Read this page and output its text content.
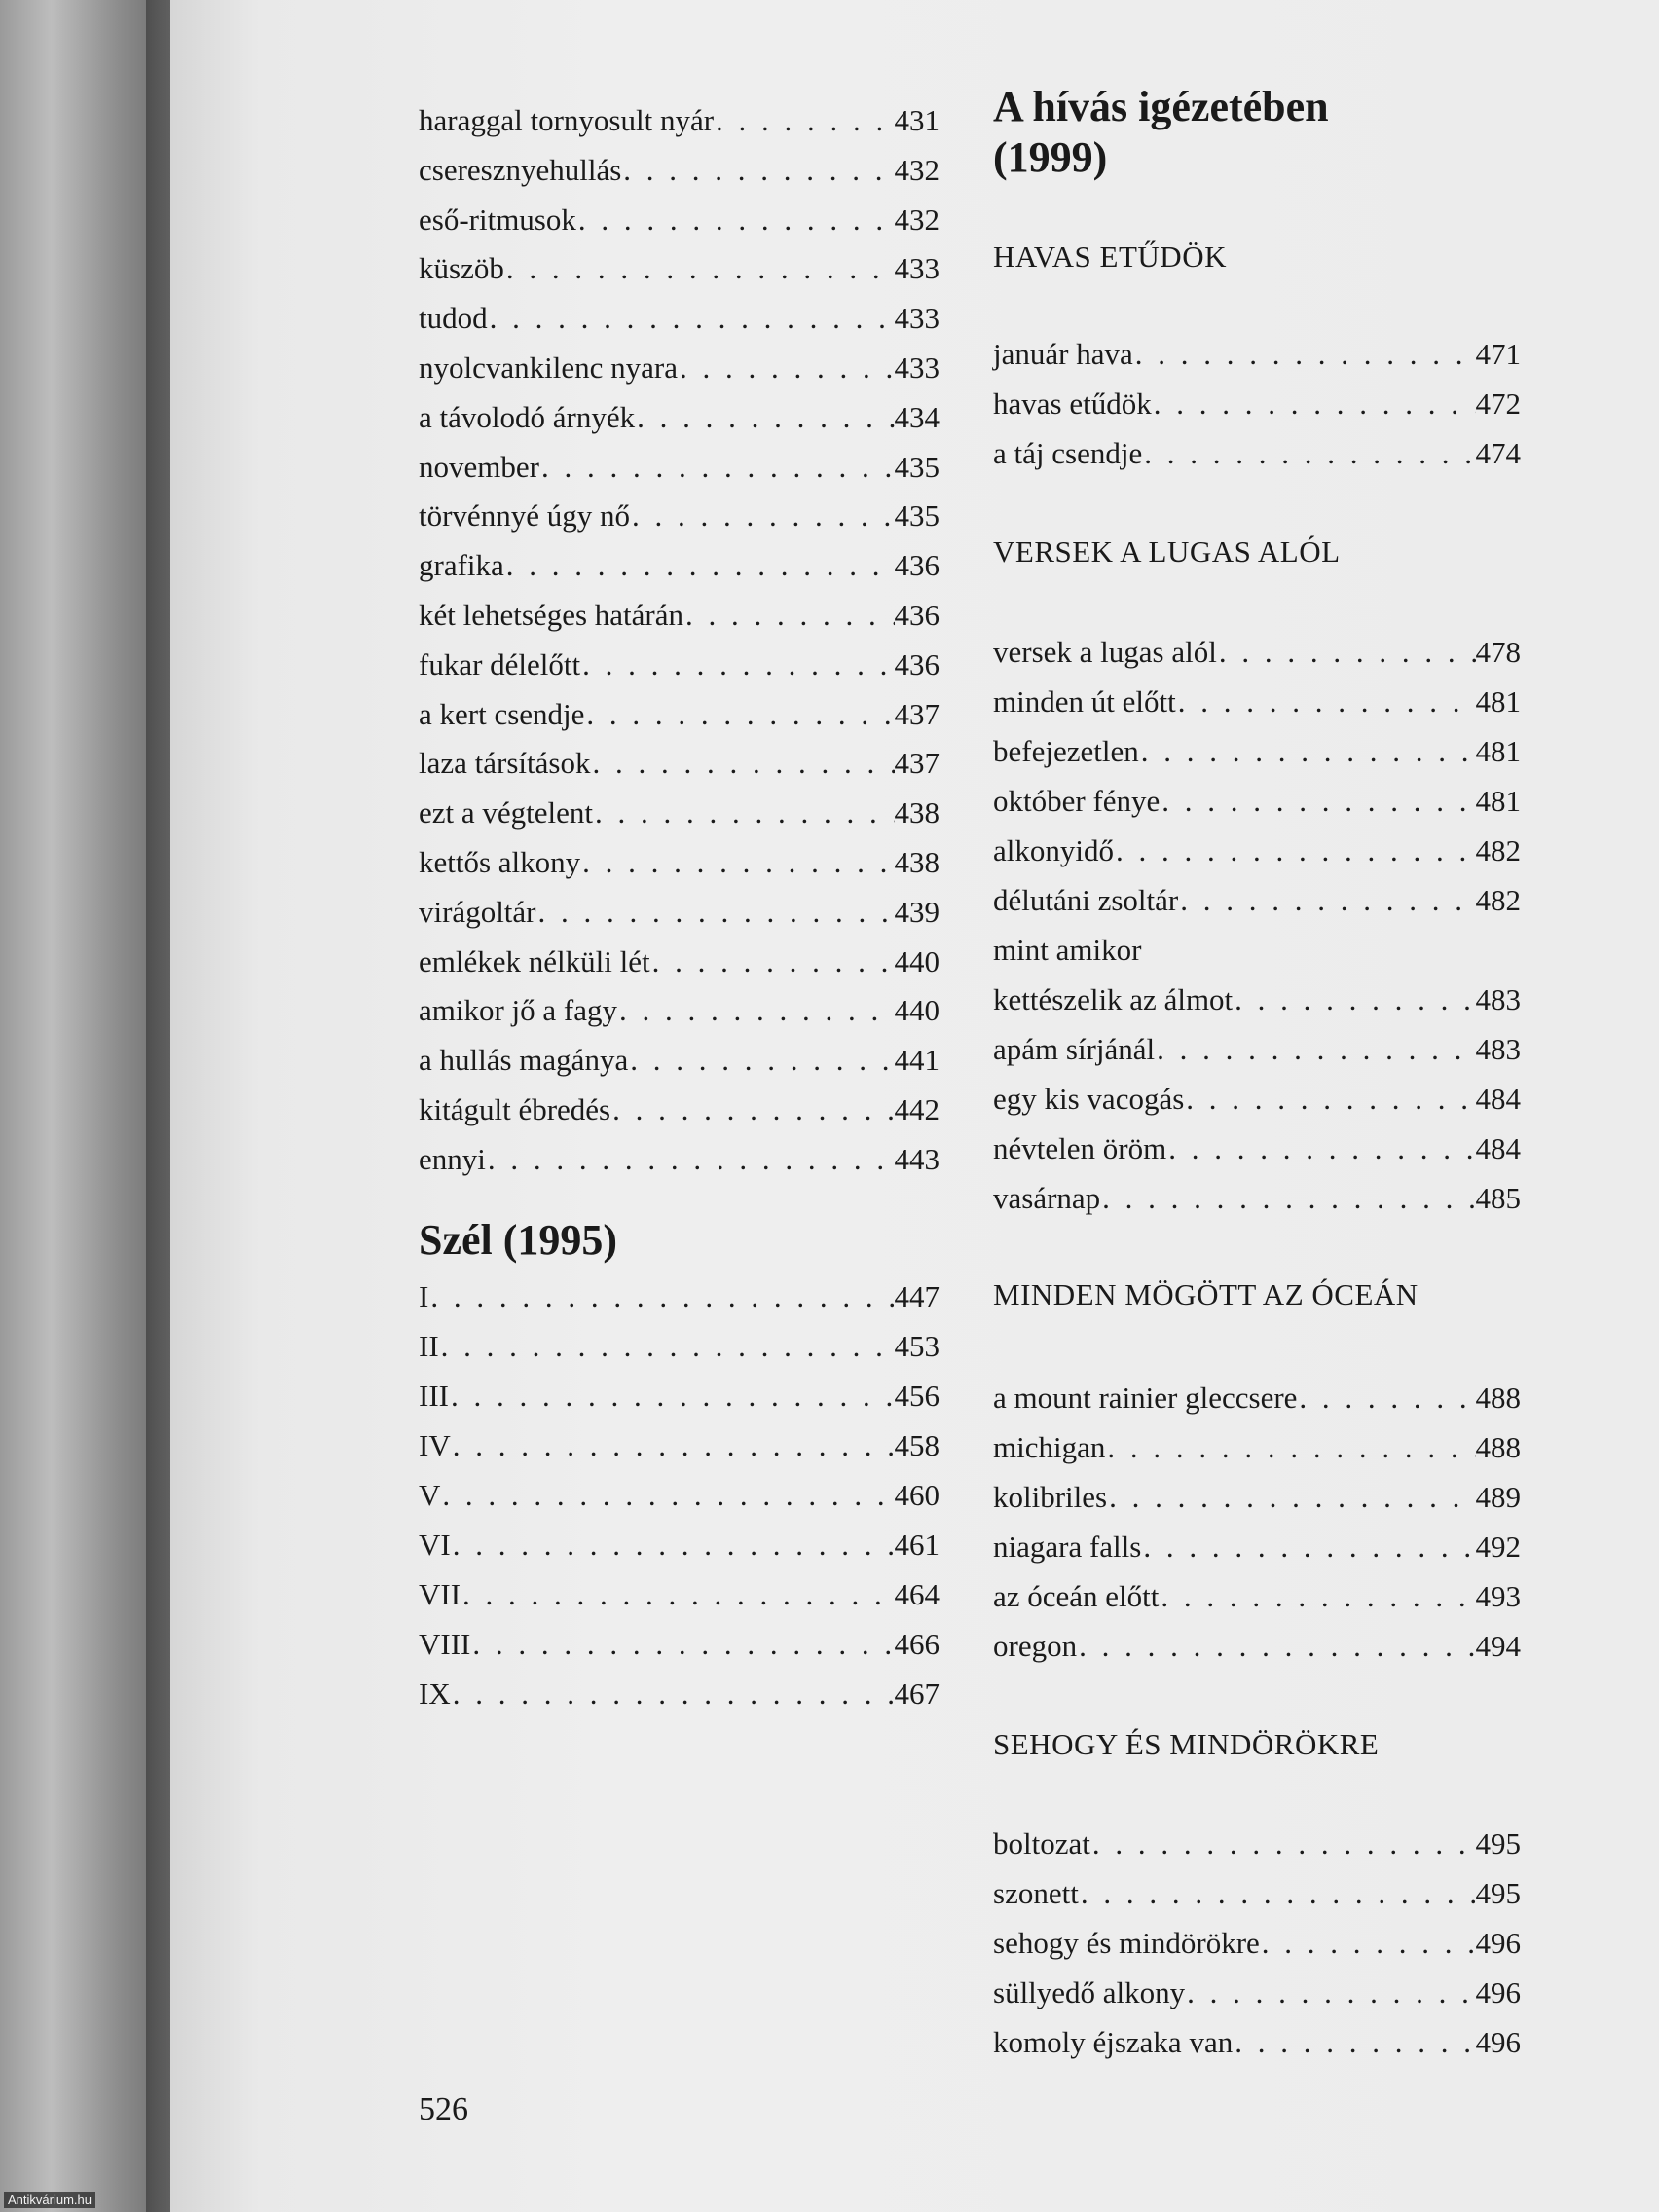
haraggal tornyosult nyár . . .	431
cseresznyehullás . . .	432
eső-ritmusok . . .	432
küszöb . . .	433
tudod . . .	433
nyolcvankilenc nyara . . .	433
a távolodó árnyék . . .	434
november . . .	435
törvénnyé úgy nő . . .	435
grafika . . .	436
két lehetséges határán . . .	436
fukar délelőtt . . .	436
a kert csendje . . .	437
laza társítások . . .	437
ezt a végtelent . . .	438
kettős alkony . . .	438
virágoltár . . .	439
emlékek nélküli lét . . .	440
amikor jő a fagy . . .	440
a hullás magánya . . .	441
kitágult ébredés . . .	442
ennyi . . .	443
Szél (1995)
I . . .	447
II . . .	453
III . . .	456
IV . . .	458
V . . .	460
VI . . .	461
VII . . .	464
VIII . . .	466
IX . . .	467
A hívás igézetében
(1999)
HAVAS ETŰDÖK
január hava . . .	471
havas etűdök . . .	472
a táj csendje . . .	474
VERSEK A LUGAS ALÓL
versek a lugas alól . . .	478
minden út előtt . . .	481
befejezetlen . . .	481
október fénye . . .	481
alkonyidő . . .	482
délutáni zsoltár . . .	482
mint amikor
kettészelik az álmot . . .	483
apám sírjánál . . .	483
egy kis vacogás . . .	484
névtelen öröm . . .	484
vasárnap . . .	485
MINDEN MÖGÖTT AZ ÓCEÁN
a mount rainier gleccsere . . .	488
michigan . . .	488
kolibriles . . .	489
niagara falls . . .	492
az óceán előtt . . .	493
oregon . . .	494
SEHOGY ÉS MINDÖRÖKRE
boltozat . . .	495
szonett . . .	495
sehogy és mindörökre . . .	496
süllyedő alkony . . .	496
komoly éjszaka van . . .	496
526
Antikvárium.hu
